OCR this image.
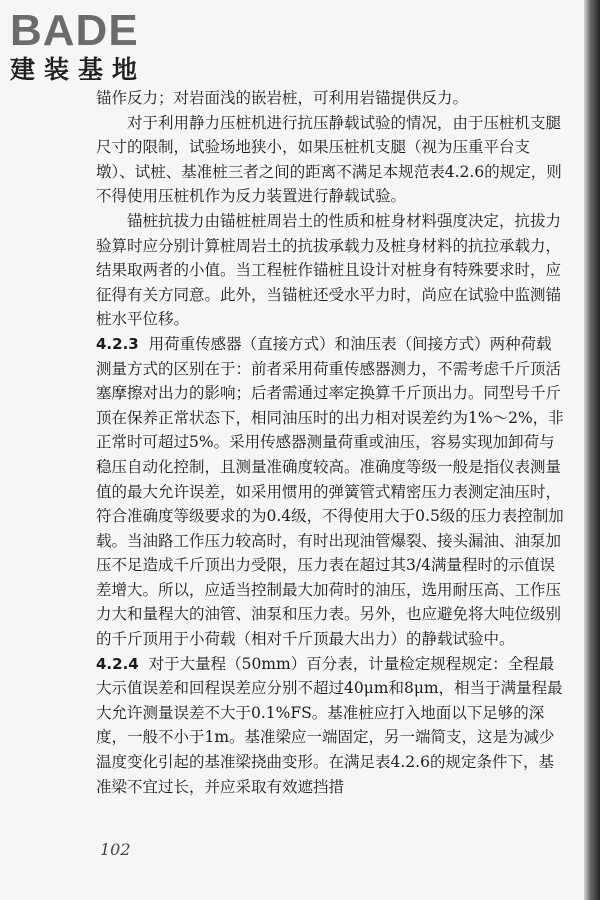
BADE
建装基地

锚作反力；对岩面浅的嵌岩桩，可利用岩锚提供反力。

对于利用静力压桩机进行抗压静载试验的情况，由于压桩机支腿尺寸的限制，试验场地狭小，如果压桩机支腿（视为压重平台支墩）、试桩、基准桩三者之间的距离不满足本规范表4.2.6的规定，则不得使用压桩机作为反力装置进行静载试验。

锚桩抗拔力由锚桩桩周岩土的性质和桩身材料强度决定，抗拔力验算时应分别计算桩周岩土的抗拔承载力及桩身材料的抗拉承载力，结果取两者的小值。当工程桩作锚桩且设计对桩身有特殊要求时，应征得有关方同意。此外，当锚桩还受水平力时，尚应在试验中监测锚桩水平位移。

4.2.3 用荷重传感器（直接方式）和油压表（间接方式）两种荷载测量方式的区别在于：前者采用荷重传感器测力，不需考虑千斤顶活塞摩擦对出力的影响；后者需通过率定换算千斤顶出力。同型号千斤顶在保养正常状态下，相同油压时的出力相对误差约为1%～2%，非正常时可超过5%。采用传感器测量荷重或油压，容易实现加卸荷与稳压自动化控制，且测量准确度较高。准确度等级一般是指仪表测量值的最大允许误差，如采用惯用的弹簧管式精密压力表测定油压时，符合准确度等级要求的为0.4级，不得使用大于0.5级的压力表控制加载。当油路工作压力较高时，有时出现油管爆裂、接头漏油、油泵加压不足造成千斤顶出力受限，压力表在超过其3/4满量程时的示值误差增大。所以，应适当控制最大加荷时的油压，选用耐压高、工作压力大和量程大的油管、油泵和压力表。另外，也应避免将大吨位级别的千斤顶用于小荷载（相对千斤顶最大出力）的静载试验中。

4.2.4 对于大量程（50mm）百分表，计量检定规程规定：全程最大示值误差和回程误差应分别不超过40μm和8μm，相当于满量程最大允许测量误差不大于0.1%FS。基准桩应打入地面以下足够的深度，一般不小于1m。基准梁应一端固定，另一端简支，这是为减少温度变化引起的基准梁挠曲变形。在满足表4.2.6的规定条件下，基准梁不宜过长，并应采取有效遮挡措

102
